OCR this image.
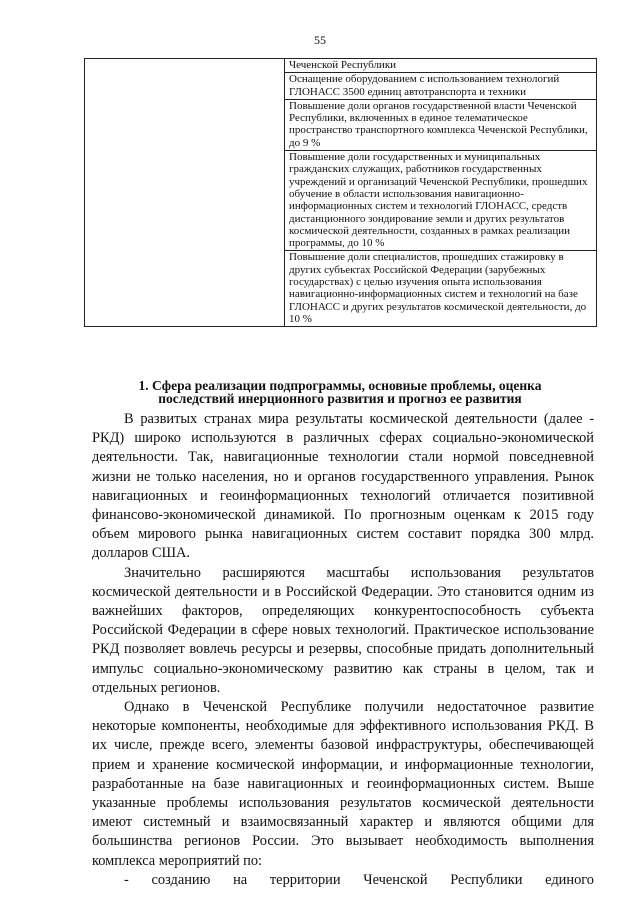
55
	Чеченской Республики
Оснащение оборудованием с использованием технологий ГЛОНАСС 3500 единиц автотранспорта и техники
Повышение доли органов государственной власти Чеченской Республики, включенных в единое телематическое пространство транспортного комплекса Чеченской Республики, до 9 %
Повышение доли государственных и муниципальных гражданских служащих, работников государственных учреждений и организаций Чеченской Республики, прошедших обучение в области использования навигационно-информационных систем и технологий ГЛОНАСС, средств дистанционного зондирование земли и других результатов космической деятельности, созданных в рамках реализации программы, до 10 %
Повышение доли специалистов, прошедших стажировку в других субъектах Российской Федерации (зарубежных государствах) с целью изучения опыта использования навигационно-информационных систем и технологий на базе ГЛОНАСС и других результатов космической деятельности, до 10 %
1. Сфера реализации подпрограммы, основные проблемы, оценка
последствий инерционного развития и прогноз ее развития

В развитых странах мира результаты космической деятельности (далее - РКД) широко используются в различных сферах социально-экономической деятельности. Так, навигационные технологии стали нормой повседневной жизни не только населения, но и органов государственного управления. Рынок навигационных и геоинформационных технологий отличается позитивной финансово-экономической динамикой. По прогнозным оценкам к 2015 году объем мирового рынка навигационных систем составит порядка 300 млрд. долларов США.

Значительно расширяются масштабы использования результатов космической деятельности и в Российской Федерации. Это становится одним из важнейших факторов, определяющих конкурентоспособность субъекта Российской Федерации в сфере новых технологий. Практическое использование РКД позволяет вовлечь ресурсы и резервы, способные придать дополнительный импульс социально-экономическому развитию как страны в целом, так и отдельных регионов.

Однако в Чеченской Республике получили недостаточное развитие некоторые компоненты, необходимые для эффективного использования РКД. В их числе, прежде всего, элементы базовой инфраструктуры, обеспечивающей прием и хранение космической информации, и информационные технологии, разработанные на базе навигационных и геоинформационных систем. Выше указанные проблемы использования результатов космической деятельности имеют системный и взаимосвязанный характер и являются общими для большинства регионов России. Это вызывает необходимость выполнения комплекса мероприятий по:

- созданию на территории Чеченской Республики единого
